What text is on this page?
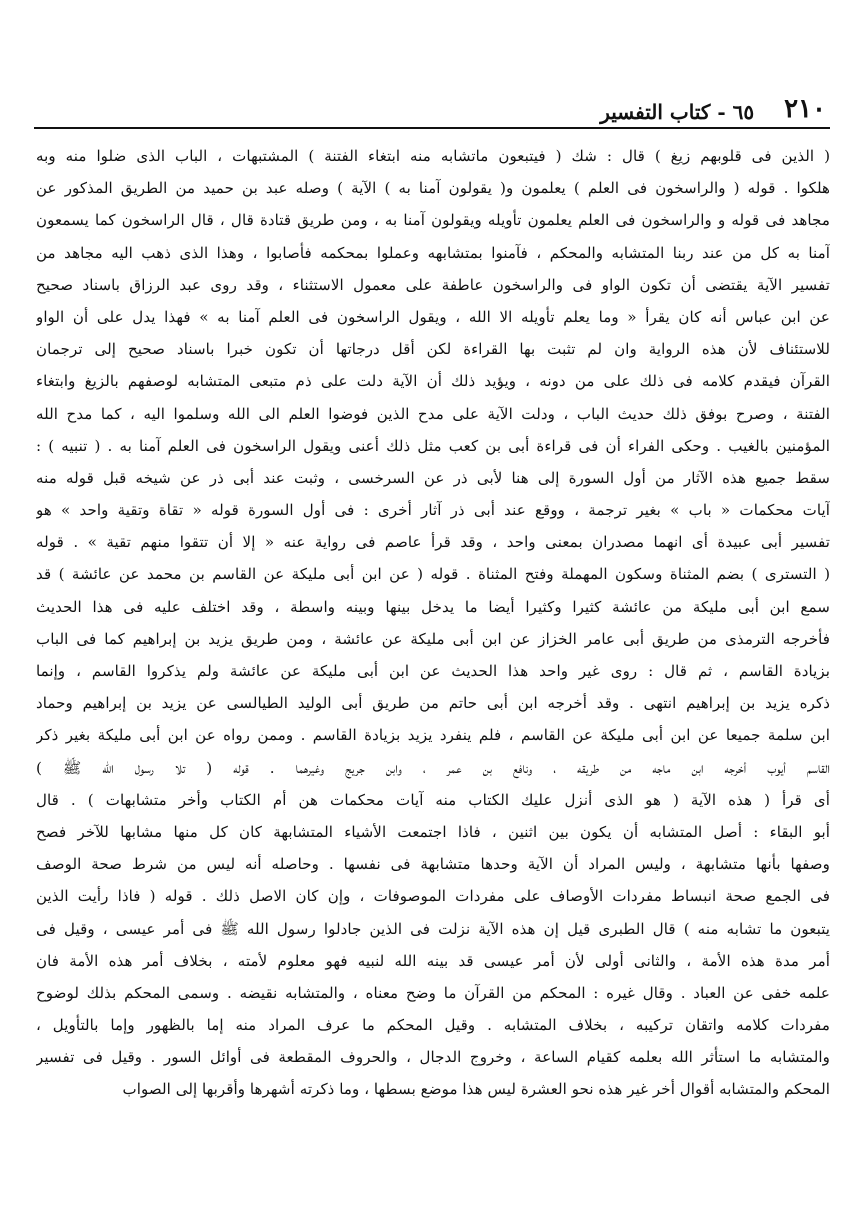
٢١٠
٦٥ - كتاب التفسير
( الذين فى قلوبهم زيغ ) قال : شك ( فيتبعون ماتشابه منه ابتغاء الفتنة ) المشتبهات ، الباب الذى ضلوا منه وبه
هلكوا . قوله ( والراسخون فى العلم ) يعلمون و( يقولون آمنا به ) الآية ) وصله عبد بن حميد من الطريق المذكور عن
مجاهد فى قوله و والراسخون فى العلم يعلمون تأويله ويقولون آمنا به ، ومن طريق قتادة قال ، قال الراسخون كما يسمعون
آمنا به كل من عند ربنا المتشابه والمحكم ، فآمنوا بمتشابهه وعملوا بمحكمه فأصابوا ، وهذا الذى ذهب اليه مجاهد من
تفسير الآية يقتضى أن تكون الواو فى والراسخون عاطفة على معمول الاستثناء ، وقد روى عبد الرزاق باسناد صحيح
عن ابن عباس أنه كان يقرأ « وما يعلم تأويله الا الله ، ويقول الراسخون فى العلم آمنا به » فهذا يدل على أن الواو
للاستئناف لأن هذه الرواية وان لم تثبت بها القراءة لكن أقل درجاتها أن تكون خبرا باسناد صحيح إلى ترجمان
القرآن فيقدم كلامه فى ذلك على من دونه ، ويؤيد ذلك أن الآية دلت على ذم متبعى المتشابه لوصفهم بالزيغ وابتغاء
الفتنة ، وصرح بوفق ذلك حديث الباب ، ودلت الآية على مدح الذين فوضوا العلم الى الله وسلموا اليه ، كما مدح الله
المؤمنين بالغيب . وحكى الفراء أن فى قراءة أبى بن كعب مثل ذلك أعنى ويقول الراسخون فى العلم آمنا به . ( تنبيه ) :
سقط جميع هذه الآثار من أول السورة إلى هنا لأبى ذر عن السرخسى ، وثبت عند أبى ذر عن شيخه قبل قوله منه
آيات محكمات « باب » بغير ترجمة ، ووقع عند أبى ذر آثار أخرى : فى أول السورة قوله « تقاة وتقية واحد » هو
تفسير أبى عبيدة أى انهما مصدران بمعنى واحد ، وقد قرأ عاصم فى رواية عنه « إلا أن تتقوا منهم تقية » . قوله
( التسترى ) بضم المثناة وسكون المهملة وفتح المثناة . قوله ( عن ابن أبى مليكة عن القاسم بن محمد عن عائشة ) قد
سمع ابن أبى مليكة من عائشة كثيرا وكثيرا أيضا ما يدخل بينها وبينه واسطة ، وقد اختلف عليه فى هذا الحديث
فأخرجه الترمذى من طريق أبى عامر الخزاز عن ابن أبى مليكة عن عائشة ، ومن طريق يزيد بن إبراهيم كما فى الباب
بزيادة القاسم ، ثم قال : روى غير واحد هذا الحديث عن ابن أبى مليكة عن عائشة ولم يذكروا القاسم ، وإنما
ذكره يزيد بن إبراهيم انتهى . وقد أخرجه ابن أبى حاتم من طريق أبى الوليد الطيالسى عن يزيد بن إبراهيم وحماد
ابن سلمة جميعا عن ابن أبى مليكة عن القاسم ، فلم ينفرد يزيد بزيادة القاسم . وممن رواه عن ابن أبى مليكة بغير ذكر
القاسم أيوب أخرجه ابن ماجه من طريقه ، ونافع بن عمر ، وابن جريج وغيرهما . قوله ( تلا رسول الله ﷺ )
أى قرأ ( هذه الآية ( هو الذى أنزل عليك الكتاب منه آيات محكمات هن أم الكتاب وأخر متشابهات ) . قال
أبو البقاء : أصل المتشابه أن يكون بين اثنين ، فاذا اجتمعت الأشياء المتشابهة كان كل منها مشابها للآخر فصح
وصفها بأنها متشابهة ، وليس المراد أن الآية وحدها متشابهة فى نفسها . وحاصله أنه ليس من شرط صحة الوصف
فى الجمع صحة انبساط مفردات الأوصاف على مفردات الموصوفات ، وإن كان الاصل ذلك . قوله ( فاذا رأيت الذين
يتبعون ما تشابه منه ) قال الطبرى قيل إن هذه الآية نزلت فى الذين جادلوا رسول الله ﷺ فى أمر عيسى ، وقيل فى
أمر مدة هذه الأمة ، والثانى أولى لأن أمر عيسى قد بينه الله لنبيه فهو معلوم لأمته ، بخلاف أمر هذه الأمة فان
علمه خفى عن العباد . وقال غيره : المحكم من القرآن ما وضح معناه ، والمتشابه نقيضه . وسمى المحكم بذلك لوضوح
مفردات كلامه واتقان تركيبه ، بخلاف المتشابه . وقيل المحكم ما عرف المراد منه إما بالظهور وإما بالتأويل ،
والمتشابه ما استأثر الله بعلمه كقيام الساعة ، وخروج الدجال ، والحروف المقطعة فى أوائل السور . وقيل فى تفسير
المحكم والمتشابه أقوال أخر غير هذه نحو العشرة ليس هذا موضع بسطها ، وما ذكرته أشهرها وأقربها إلى الصواب
